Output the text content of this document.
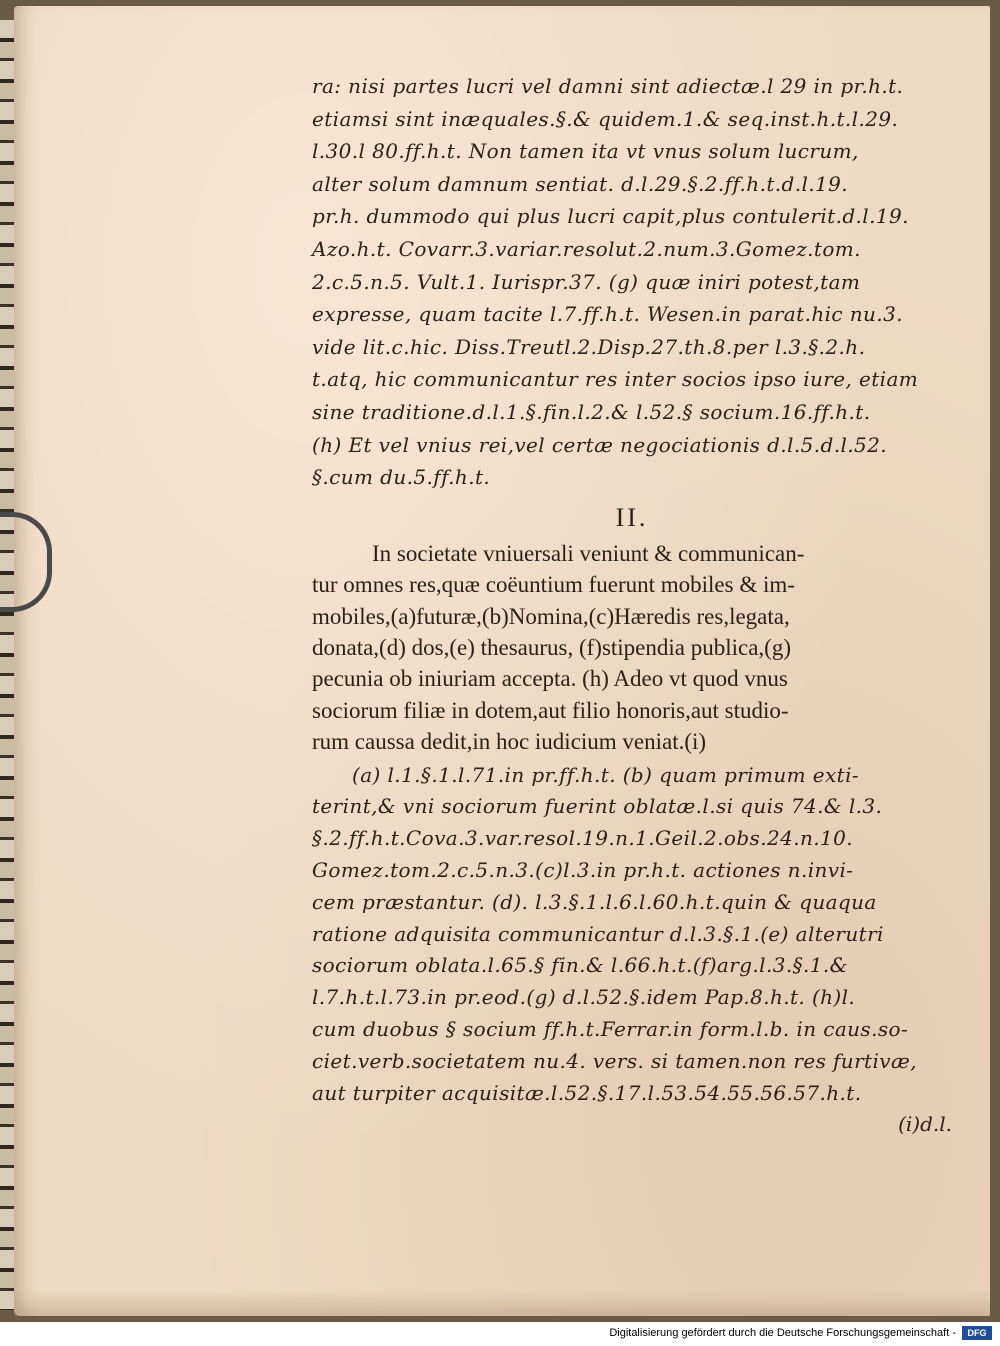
ra: nisi partes lucri vel damni sint adiectæ.l 29 in pr.h.t.

etiamsi sint inæquales.§.& quidem.1.& seq.inst.h.t.l.29.

l.30.l 80.ff.h.t. Non tamen ita vt vnus solum lucrum,

alter solum damnum sentiat. d.l.29.§.2.ff.h.t.d.l.19.

pr.h. dummodo qui plus lucri capit,plus contulerit.d.l.19.

Azo.h.t. Covarr.3.variar.resolut.2.num.3.Gomez.tom.

2.c.5.n.5. Vult.1. Iurispr.37. (g) quæ iniri potest,tam

expresse, quam tacite l.7.ff.h.t. Wesen.in parat.hic nu.3.

vide lit.c.hic. Diss.Treutl.2.Disp.27.th.8.per l.3.§.2.h.

t.atq, hic communicantur res inter socios ipso iure, etiam

sine traditione.d.l.1.§.fin.l.2.& l.52.§ socium.16.ff.h.t.

(h) Et vel vnius rei,vel certæ negociationis d.l.5.d.l.52.

§.cum du.5.ff.h.t.

II.

In societate vniuersali veniunt & communican-

tur omnes res,quæ coëuntium fuerunt mobiles & im-

mobiles,(a)futuræ,(b)Nomina,(c)Hæredis res,legata,

donata,(d) dos,(e) thesaurus, (f)stipendia publica,(g)

pecunia ob iniuriam accepta. (h) Adeo vt quod vnus

sociorum filiæ in dotem,aut filio honoris,aut studio-

rum caussa dedit,in hoc iudicium veniat.(i)

(a) l.1.§.1.l.71.in pr.ff.h.t. (b) quam primum exti-

terint,& vni sociorum fuerint oblatæ.l.si quis 74.& l.3.

§.2.ff.h.t.Cova.3.var.resol.19.n.1.Geil.2.obs.24.n.10.

Gomez.tom.2.c.5.n.3.(c)l.3.in pr.h.t. actiones n.invi-

cem præstantur. (d). l.3.§.1.l.6.l.60.h.t.quin & quaqua

ratione adquisita communicantur d.l.3.§.1.(e) alterutri

sociorum oblata.l.65.§ fin.& l.66.h.t.(f)arg.l.3.§.1.&

l.7.h.t.l.73.in pr.eod.(g) d.l.52.§.idem Pap.8.h.t. (h)l.

cum duobus § socium ff.h.t.Ferrar.in form.l.b. in caus.so-

ciet.verb.societatem nu.4. vers. si tamen.non res furtivæ,

aut turpiter acquisitæ.l.52.§.17.l.53.54.55.56.57.h.t.

(i)d.l.

Digitalisierung gefördert durch die Deutsche Forschungsgemeinschaft -	DFG
